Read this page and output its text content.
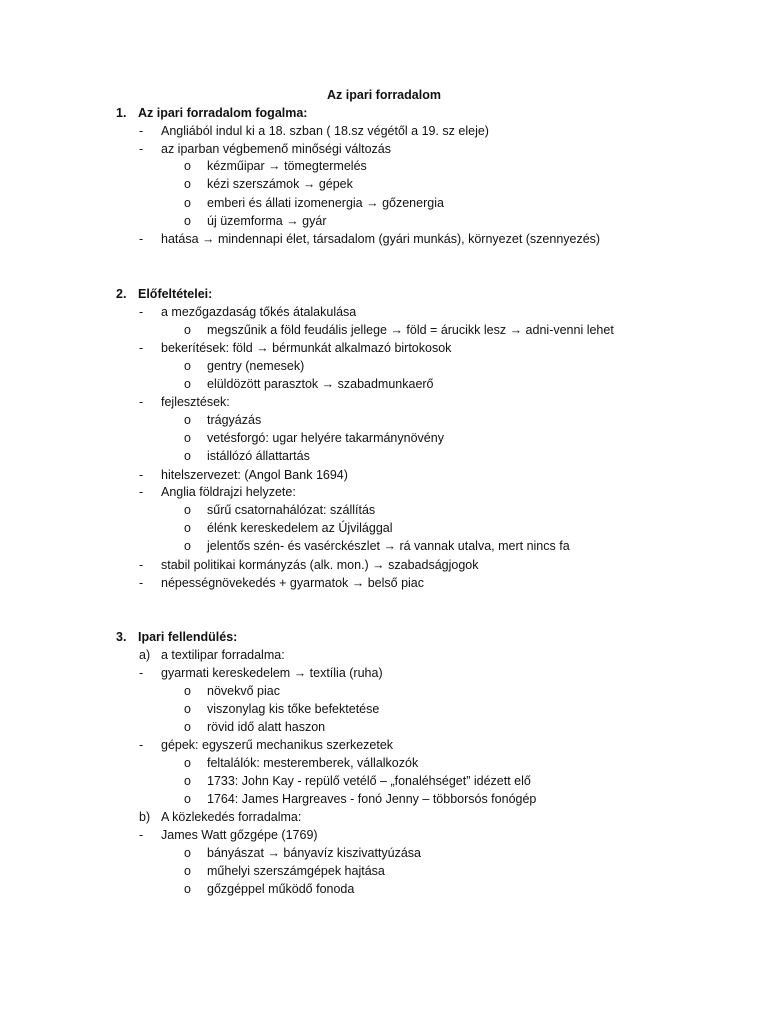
Az ipari forradalom
1. Az ipari forradalom fogalma:
- Angliából indul ki a 18. szban ( 18.sz végétől a 19. sz eleje)
- az iparban végbemenő minőségi változás
o kézműipar → tömegtermelés
o kézi szerszámok → gépek
o emberi és állati izomenergia → gőzenergia
o új üzemforma → gyár
- hatása → mindennapi élet, társadalom (gyári munkás), környezet (szennyezés)
2. Előfeltételei:
- a mezőgazdaság tőkés átalakulása
o megszűnik a föld feudális jellege → föld = árucikk lesz → adni-venni lehet
- bekerítések: föld → bérmunkát alkalmazó birtokosok
o gentry (nemesek)
o elüldözött parasztok → szabadmunkaerő
- fejlesztések:
o trágyázás
o vetésforgó: ugar helyére takarmánynövény
o istállózó állattartás
- hitelszervezet: (Angol Bank 1694)
- Anglia földrajzi helyzete:
o sűrű csatornahálózat: szállítás
o élénk kereskedelem az Újvilággal
o jelentős szén- és vasérckészlet → rá vannak utalva, mert nincs fa
- stabil politikai kormányzás (alk. mon.) → szabadságjogok
- népességnövekedés + gyarmatok → belső piac
3. Ipari fellendülés:
a) a textilipar forradalma:
- gyarmati kereskedelem → textília (ruha)
o növekvő piac
o viszonylag kis tőke befektetése
o rövid idő alatt haszon
- gépek: egyszerű mechanikus szerkezetek
o feltalálók: mesteremberek, vállalkozók
o 1733: John Kay - repülő vetélő – „fonaléhséget” idézett elő
o 1764: James Hargreaves - fonó Jenny – többorsós fonógép
b) A közlekedés forradalma:
- James Watt gőzgépe (1769)
o bányászat → bányavíz kiszivattyúzása
o műhelyi szerszámgépek hajtása
o gőzgéppel működő fonoda
